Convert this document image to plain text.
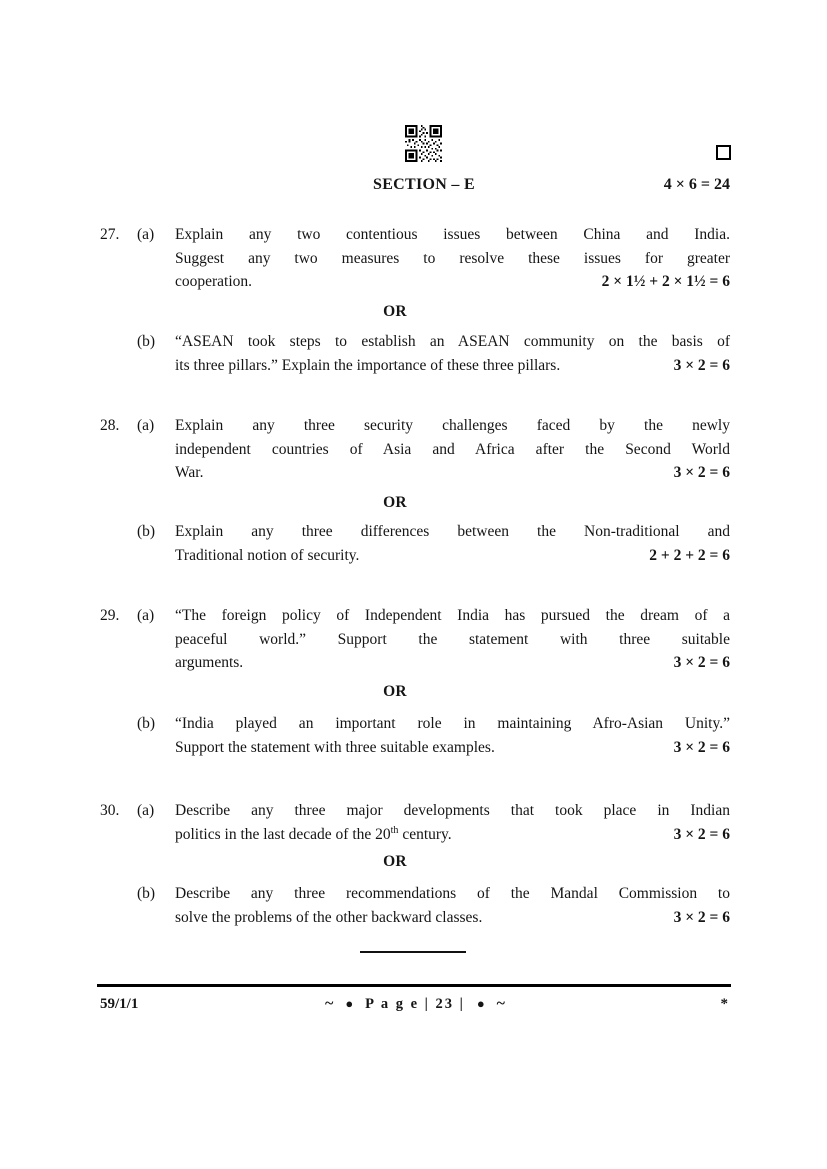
SECTION – E	4 × 6 = 24
27.	(a)	Explain any two contentious issues between China and India.
Suggest any two measures to resolve these issues for greater
cooperation.	2 × 1½ + 2 × 1½ = 6
OR
(b)	“ASEAN took steps to establish an ASEAN community on the basis of
its three pillars.” Explain the importance of these three pillars.	3 × 2 = 6
28.	(a)	Explain any three security challenges faced by the newly
independent countries of Asia and Africa after the Second World
War.	3 × 2 = 6
OR
(b)	Explain any three differences between the Non-traditional and
Traditional notion of security.	2 + 2 + 2 = 6
29.	(a)	“The foreign policy of Independent India has pursued the dream of a
peaceful world.” Support the statement with three suitable
arguments.	3 × 2 = 6
OR
(b)	“India played an important role in maintaining Afro-Asian Unity.”
Support the statement with three suitable examples.	3 × 2 = 6
30.	(a)	Describe any three major developments that took place in Indian
politics in the last decade of the 20th century.	3 × 2 = 6
OR
(b)	Describe any three recommendations of the Mandal Commission to
solve the problems of the other backward classes.	3 × 2 = 6
59/1/1	~ ● P a g e | 23 | ● ~	*
